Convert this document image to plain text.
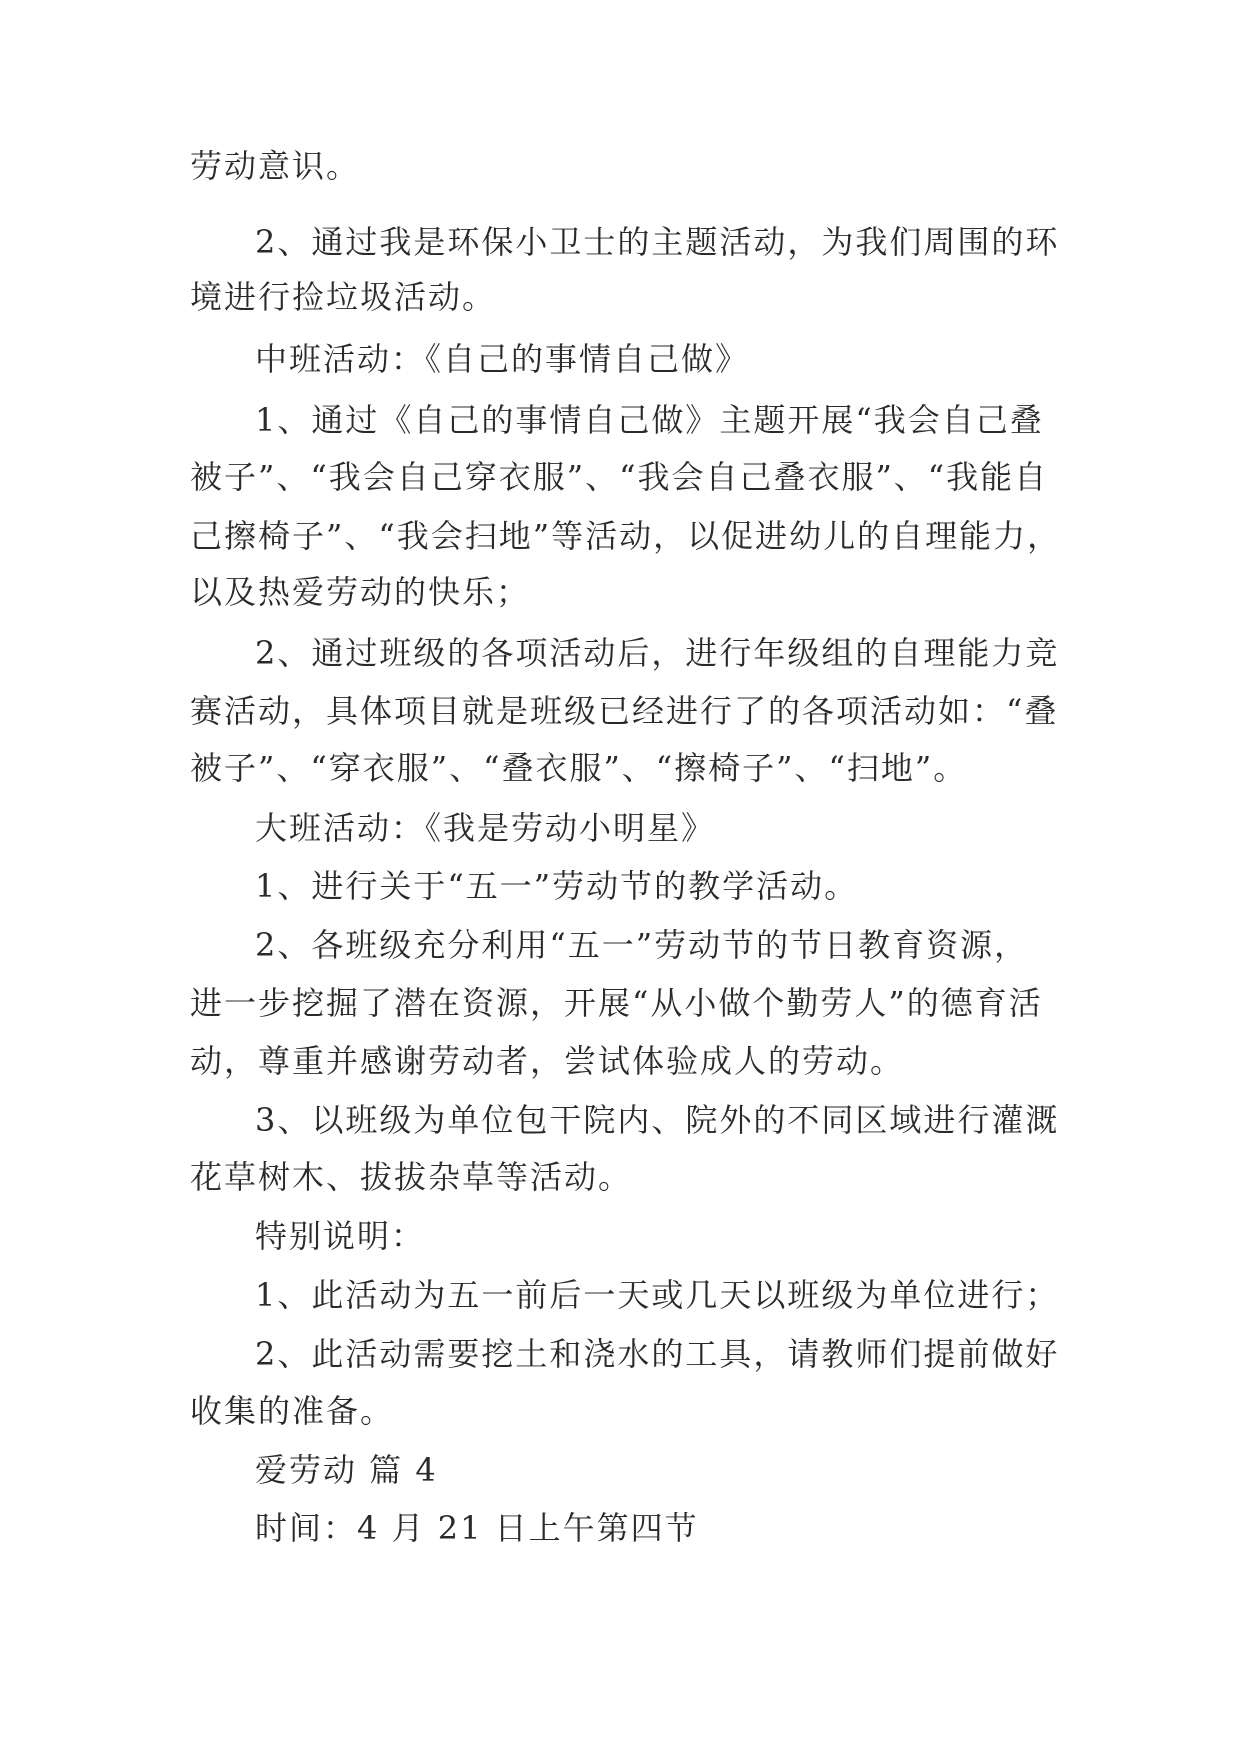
劳动意识。
2、通过我是环保小卫士的主题活动，为我们周围的环
境进行捡垃圾活动。
中班活动：《自己的事情自己做》
1、通过《自己的事情自己做》主题开展“我会自己叠
被子”、“我会自己穿衣服”、“我会自己叠衣服”、“我能自
己擦椅子”、“我会扫地”等活动，以促进幼儿的自理能力，
以及热爱劳动的快乐；
2、通过班级的各项活动后，进行年级组的自理能力竞
赛活动，具体项目就是班级已经进行了的各项活动如：“叠
被子”、“穿衣服”、“叠衣服”、“擦椅子”、“扫地”。
大班活动：《我是劳动小明星》
1、进行关于“五一”劳动节的教学活动。
2、各班级充分利用“五一”劳动节的节日教育资源，
进一步挖掘了潜在资源，开展“从小做个勤劳人”的德育活
动，尊重并感谢劳动者，尝试体验成人的劳动。
3、以班级为单位包干院内、院外的不同区域进行灌溉
花草树木、拔拔杂草等活动。
特别说明：
1、此活动为五一前后一天或几天以班级为单位进行；
2、此活动需要挖土和浇水的工具，请教师们提前做好
收集的准备。
爱劳动 篇 4
时间：4 月 21 日上午第四节
